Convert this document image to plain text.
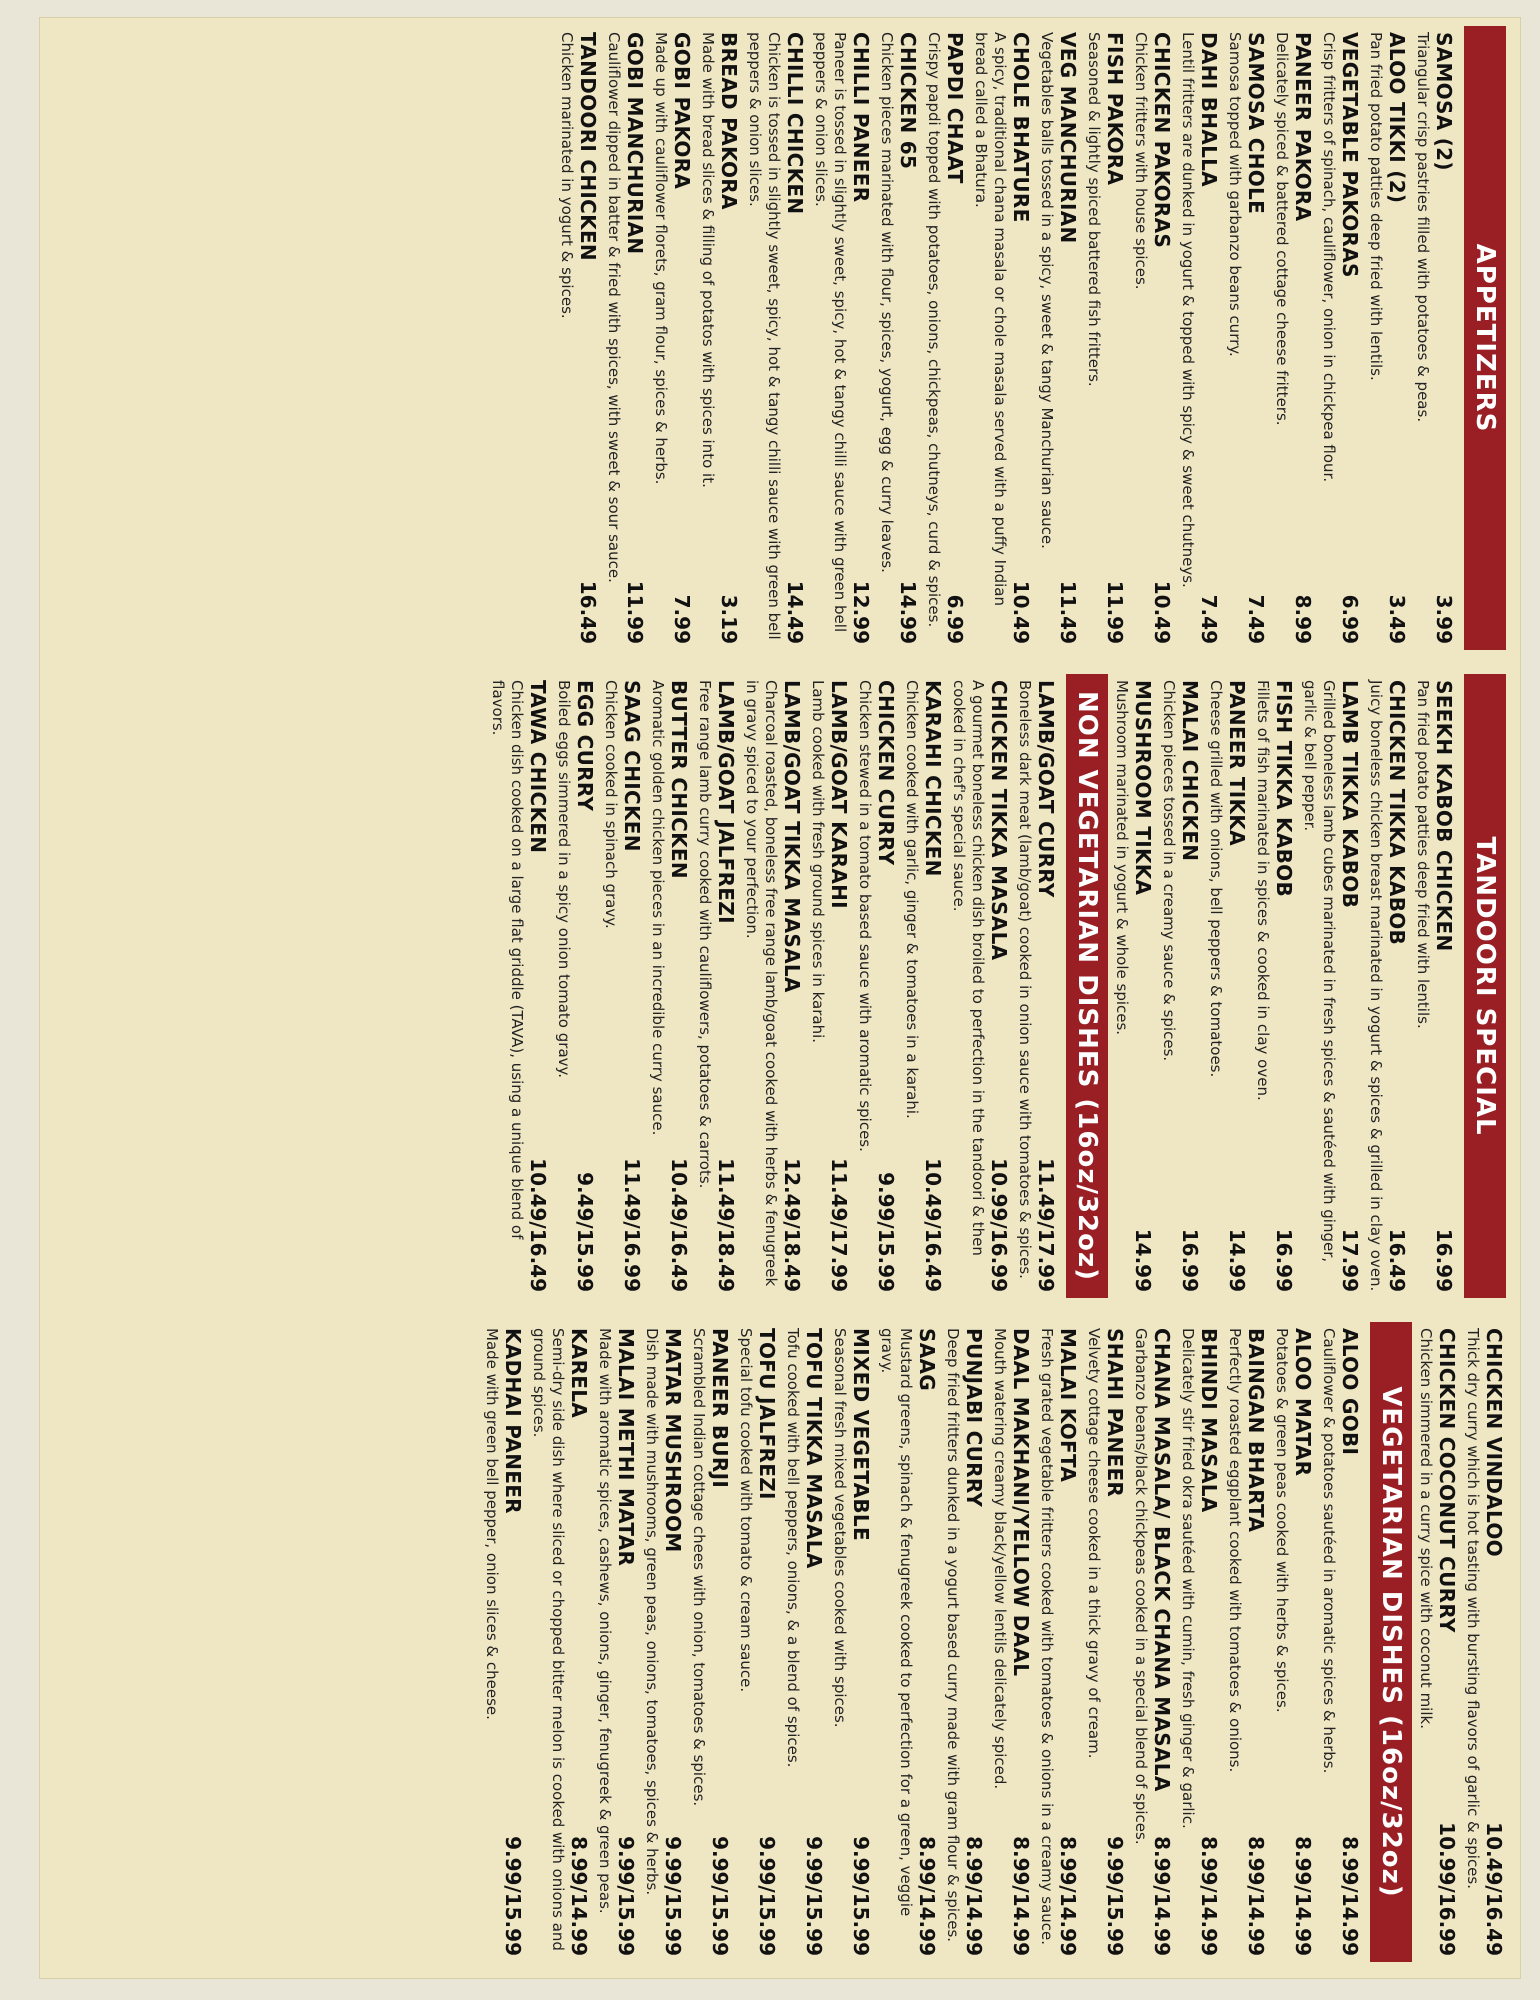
APPETIZERS
SAMOSA (2)
3.99
Triangular crisp pastries filled with potatoes & peas.
ALOO TIKKI (2)
3.49
Pan fried potato patties deep fried with lentils.
VEGETABLE PAKORAS
6.99
Crisp fritters of spinach, cauliflower, onion in chickpea flour.
PANEER PAKORA
8.99
Delicately spiced & battered cottage cheese fritters.
SAMOSA CHOLE
7.49
Samosa topped with garbanzo beans curry.
DAHI BHALLA
7.49
Lentil fritters are dunked in yogurt & topped with spicy & sweet chutneys.
CHICKEN PAKORAS
10.49
Chicken fritters with house spices.
FISH PAKORA
11.99
Seasoned & lightly spiced battered fish fritters.
VEG MANCHURIAN
11.49
Vegetables balls tossed in a spicy, sweet & tangy Manchurian sauce.
CHOLE BHATURE
10.49
A spicy, traditional chana masala or chole masala served with a puffy Indian bread called a Bhatura.
PAPDI CHAAT
6.99
Crispy papdi topped with potatoes, onions, chickpeas, chutneys, curd & spices.
CHICKEN 65
14.99
Chicken pieces marinated with flour, spices, yogurt, egg & curry leaves.
CHILLI PANEER
12.99
Paneer is tossed in slightly sweet, spicy, hot & tangy chilli sauce with green bell peppers & onion slices.
CHILLI CHICKEN
14.49
Chicken is tossed in slightly sweet, spicy, hot & tangy chilli sauce with green bell peppers & onion slices.
BREAD PAKORA
3.19
Made with bread slices & filling of potatos with spices into it.
GOBI PAKORA
7.99
Made up with cauliflower florets, gram flour, spices & herbs.
GOBI MANCHURIAN
11.99
Cauliflower dipped in batter & fried with spices, with sweet & sour sauce.
TANDOORI CHICKEN
16.49
Chicken marinated in yogurt & spices.
TANDOORI SPECIAL
SEEKH KABOB CHICKEN
16.99
Pan fried potato patties deep fried with lentils.
CHICKEN TIKKA KABOB
16.49
Juicy boneless chicken breast marinated in yogurt & spices & grilled in clay oven.
LAMB TIKKA KABOB
17.99
Grilled boneless lamb cubes marinated in fresh spices & sautéed with ginger, garlic & bell pepper.
FISH TIKKA KABOB
16.99
Fillets of fish marinated in spices & cooked in clay oven.
PANEER TIKKA
14.99
Cheese grilled with onions, bell peppers & tomatoes.
MALAI CHICKEN
16.99
Chicken pieces tossed in a creamy sauce & spices.
MUSHROOM TIKKA
14.99
Mushroom marinated in yogurt & whole spices.
NON VEGETARIAN DISHES (16oz/32oz)
LAMB/GOAT CURRY
11.49/17.99
Boneless dark meat (lamb/goat) cooked in onion sauce with tomatoes & spices.
CHICKEN TIKKA MASALA
10.99/16.99
A gourmet boneless chicken dish broiled to perfection in the tandoori & then cooked in chef's special sauce.
KARAHI CHICKEN
10.49/16.49
Chicken cooked with garlic, ginger & tomatoes in a karahi.
CHICKEN CURRY
9.99/15.99
Chicken stewed in a tomato based sauce with aromatic spices.
LAMB/GOAT KARAHI
11.49/17.99
Lamb cooked with fresh ground spices in karahi.
LAMB/GOAT TIKKA MASALA
12.49/18.49
Charcoal roasted, boneless free range lamb/goat cooked with herbs & fenugreek in gravy spiced to your perfection.
LAMB/GOAT JALFREZI
11.49/18.49
Free range lamb curry cooked with cauliflowers, potatoes & carrots.
BUTTER CHICKEN
10.49/16.49
Aromatic golden chicken pieces in an incredible curry sauce.
SAAG CHICKEN
11.49/16.99
Chicken cooked in spinach gravy.
EGG CURRY
9.49/15.99
Boiled eggs simmered in a spicy onion tomato gravy.
TAWA CHICKEN
10.49/16.49
Chicken dish cooked on a large flat griddle (TAVA), using a unique blend of flavors.
CHICKEN VINDALOO
10.49/16.49
Thick dry curry which is hot tasting with bursting flavors of garlic & spices.
CHICKEN COCONUT CURRY
10.99/16.99
Chicken simmered in a curry spice with coconut milk.
VEGETARIAN DISHES (16oz/32oz)
ALOO GOBI
8.99/14.99
Cauliflower & potatoes sautéed in aromatic spices & herbs.
ALOO MATAR
8.99/14.99
Potatoes & green peas cooked with herbs & spices.
BAINGAN BHARTA
8.99/14.99
Perfectly roasted eggplant cooked with tomatoes & onions.
BHINDI MASALA
8.99/14.99
Delicately stir fried okra sautéed with cumin, fresh ginger & garlic.
CHANA MASALA/ BLACK CHANA MASALA
8.99/14.99
Garbanzo beans/black chickpeas cooked in a special blend of spices.
SHAHI PANEER
9.99/15.99
Velvety cottage cheese cooked in a thick gravy of cream.
MALAI KOFTA
8.99/14.99
Fresh grated vegetable fritters cooked with tomatoes & onions in a creamy sauce.
DAAL MAKHANI/YELLOW DAAL
8.99/14.99
Mouth watering creamy black/yellow lentils delicately spiced.
PUNJABI CURRY
8.99/14.99
Deep fried fritters dunked in a yogurt based curry made with gram flour & spices.
SAAG
8.99/14.99
Mustard greens, spinach & fenugreek cooked to perfection for a green, veggie gravy.
MIXED VEGETABLE
9.99/15.99
Seasonal fresh mixed vegetables cooked with spices.
TOFU TIKKA MASALA
9.99/15.99
Tofu cooked with bell peppers, onions, & a blend of spices.
TOFU JALFREZI
9.99/15.99
Special tofu cooked with tomato & cream sauce.
PANEER BURJI
9.99/15.99
Scrambled Indian cottage chees with onion, tomatoes & spices.
MATAR MUSHROOM
9.99/15.99
Dish made with mushrooms, green peas, onions, tomatoes, spices & herbs.
MALAI METHI MATAR
9.99/15.99
Made with aromatic spices, cashews, onions, ginger, fenugreek & green peas.
KARELA
8.99/14.99
Semi-dry side dish where sliced or chopped bitter melon is cooked with onions and ground spices.
KADHAI PANEER
9.99/15.99
Made with green bell pepper, onion slices & cheese.
